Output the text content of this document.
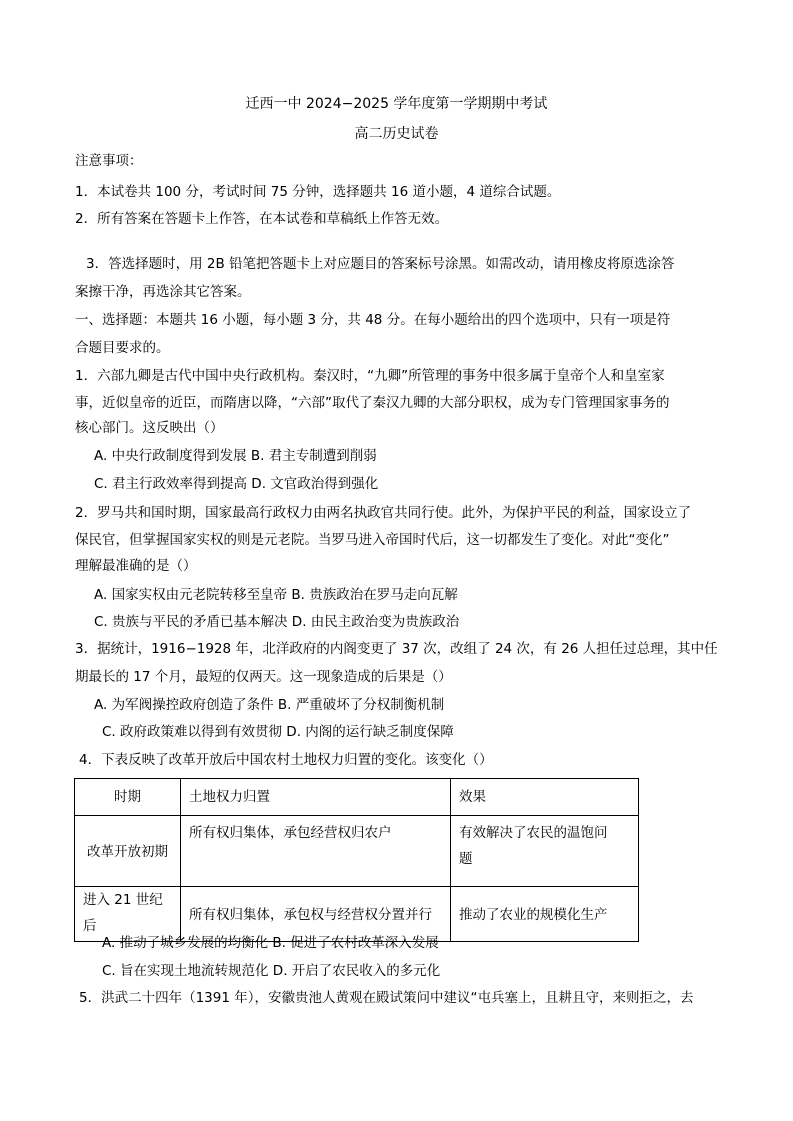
迁西一中 2024−2025 学年度第一学期期中考试
高二历史试卷
注意事项：
1．本试卷共 100 分，考试时间 75 分钟，选择题共 16 道小题，4 道综合试题。
2．所有答案在答题卡上作答，在本试卷和草稿纸上作答无效。
3．答选择题时，用 2B 铅笔把答题卡上对应题目的答案标号涂黑。如需改动，请用橡皮将原选涂答
案擦干净，再选涂其它答案。
一、选择题：本题共 16 小题，每小题 3 分，共 48 分。在每小题给出的四个选项中，只有一项是符
合题目要求的。
1．六部九卿是古代中国中央行政机构。秦汉时，“九卿”所管理的事务中很多属于皇帝个人和皇室家
事，近似皇帝的近臣，而隋唐以降，“六部”取代了秦汉九卿的大部分职权，成为专门管理国家事务的
核心部门。这反映出（）
A. 中央行政制度得到发展 B. 君主专制遭到削弱
C. 君主行政效率得到提高 D. 文官政治得到强化
2．罗马共和国时期，国家最高行政权力由两名执政官共同行使。此外，为保护平民的利益，国家设立了
保民官，但掌握国家实权的则是元老院。当罗马进入帝国时代后，这一切都发生了变化。对此“变化”
理解最准确的是（）
A. 国家实权由元老院转移至皇帝 B. 贵族政治在罗马走向瓦解
C. 贵族与平民的矛盾已基本解决 D. 由民主政治变为贵族政治
3．据统计，1916−1928 年，北洋政府的内阁变更了 37 次，改组了 24 次，有 26 人担任过总理，其中任
期最长的 17 个月，最短的仅两天。这一现象造成的后果是（）
A. 为军阀操控政府创造了条件 B. 严重破坏了分权制衡机制
C. 政府政策难以得到有效贯彻 D. 内阁的运行缺乏制度保障
4．下表反映了改革开放后中国农村土地权力归置的变化。该变化（）
时期	土地权力归置	效果
改革开放初期	所有权归集体，承包经营权归农户	有效解决了农民的温饱问
题

进入 21 世纪后	所有权归集体，承包权与经营权分置并行	推动了农业的规模化生产
A. 推动了城乡发展的均衡化 B. 促进了农村改革深入发展
C. 旨在实现土地流转规范化 D. 开启了农民收入的多元化
5．洪武二十四年（1391 年），安徽贵池人黄观在殿试策问中建议“屯兵塞上，且耕且守，来则拒之，去
